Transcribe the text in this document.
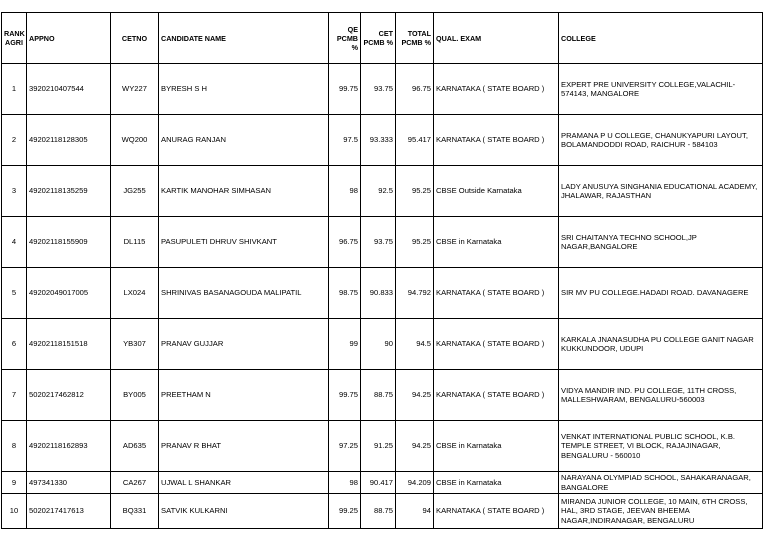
RANK AGRI	APPNO	CETNO	CANDIDATE NAME	QE PCMB %	CET PCMB %	TOTAL PCMB %	QUAL. EXAM	COLLEGE
1	3920210407544	WY227	BYRESH S H	99.75	93.75	96.75	KARNATAKA ( STATE BOARD )	EXPERT PRE UNIVERSITY COLLEGE,VALACHIL- 574143, MANGALORE
2	49202118128305	WQ200	ANURAG RANJAN	97.5	93.333	95.417	KARNATAKA ( STATE BOARD )	PRAMANA P U COLLEGE, CHANUKYAPURI LAYOUT, BOLAMANDODDI ROAD, RAICHUR - 584103
3	49202118135259	JG255	KARTIK MANOHAR SIMHASAN	98	92.5	95.25	CBSE Outside Karnataka	LADY ANUSUYA SINGHANIA EDUCATIONAL ACADEMY, JHALAWAR, RAJASTHAN
4	49202118155909	DL115	PASUPULETI DHRUV SHIVKANT	96.75	93.75	95.25	CBSE in Karnataka	SRI CHAITANYA TECHNO SCHOOL,JP NAGAR,BANGALORE
5	49202049017005	LX024	SHRINIVAS BASANAGOUDA MALIPATIL	98.75	90.833	94.792	KARNATAKA ( STATE BOARD )	SIR MV PU COLLEGE.HADADI ROAD. DAVANAGERE
6	49202118151518	YB307	PRANAV GUJJAR	99	90	94.5	KARNATAKA ( STATE BOARD )	KARKALA JNANASUDHA PU COLLEGE GANIT NAGAR KUKKUNDOOR, UDUPI
7	5020217462812	BY005	PREETHAM N	99.75	88.75	94.25	KARNATAKA ( STATE BOARD )	VIDYA MANDIR IND. PU COLLEGE, 11TH CROSS, MALLESHWARAM, BENGALURU-560003
8	49202118162893	AD635	PRANAV R BHAT	97.25	91.25	94.25	CBSE in Karnataka	VENKAT INTERNATIONAL PUBLIC SCHOOL, K.B. TEMPLE STREET, VI BLOCK, RAJAJINAGAR, BENGALURU - 560010
9	497341330	CA267	UJWAL L SHANKAR	98	90.417	94.209	CBSE in Karnataka	NARAYANA OLYMPIAD SCHOOL, SAHAKARANAGAR, BANGALORE
10	5020217417613	BQ331	SATVIK KULKARNI	99.25	88.75	94	KARNATAKA ( STATE BOARD )	MIRANDA JUNIOR COLLEGE, 10 MAIN, 6TH CROSS, HAL, 3RD STAGE, JEEVAN BHEEMA NAGAR,INDIRANAGAR, BENGALURU
